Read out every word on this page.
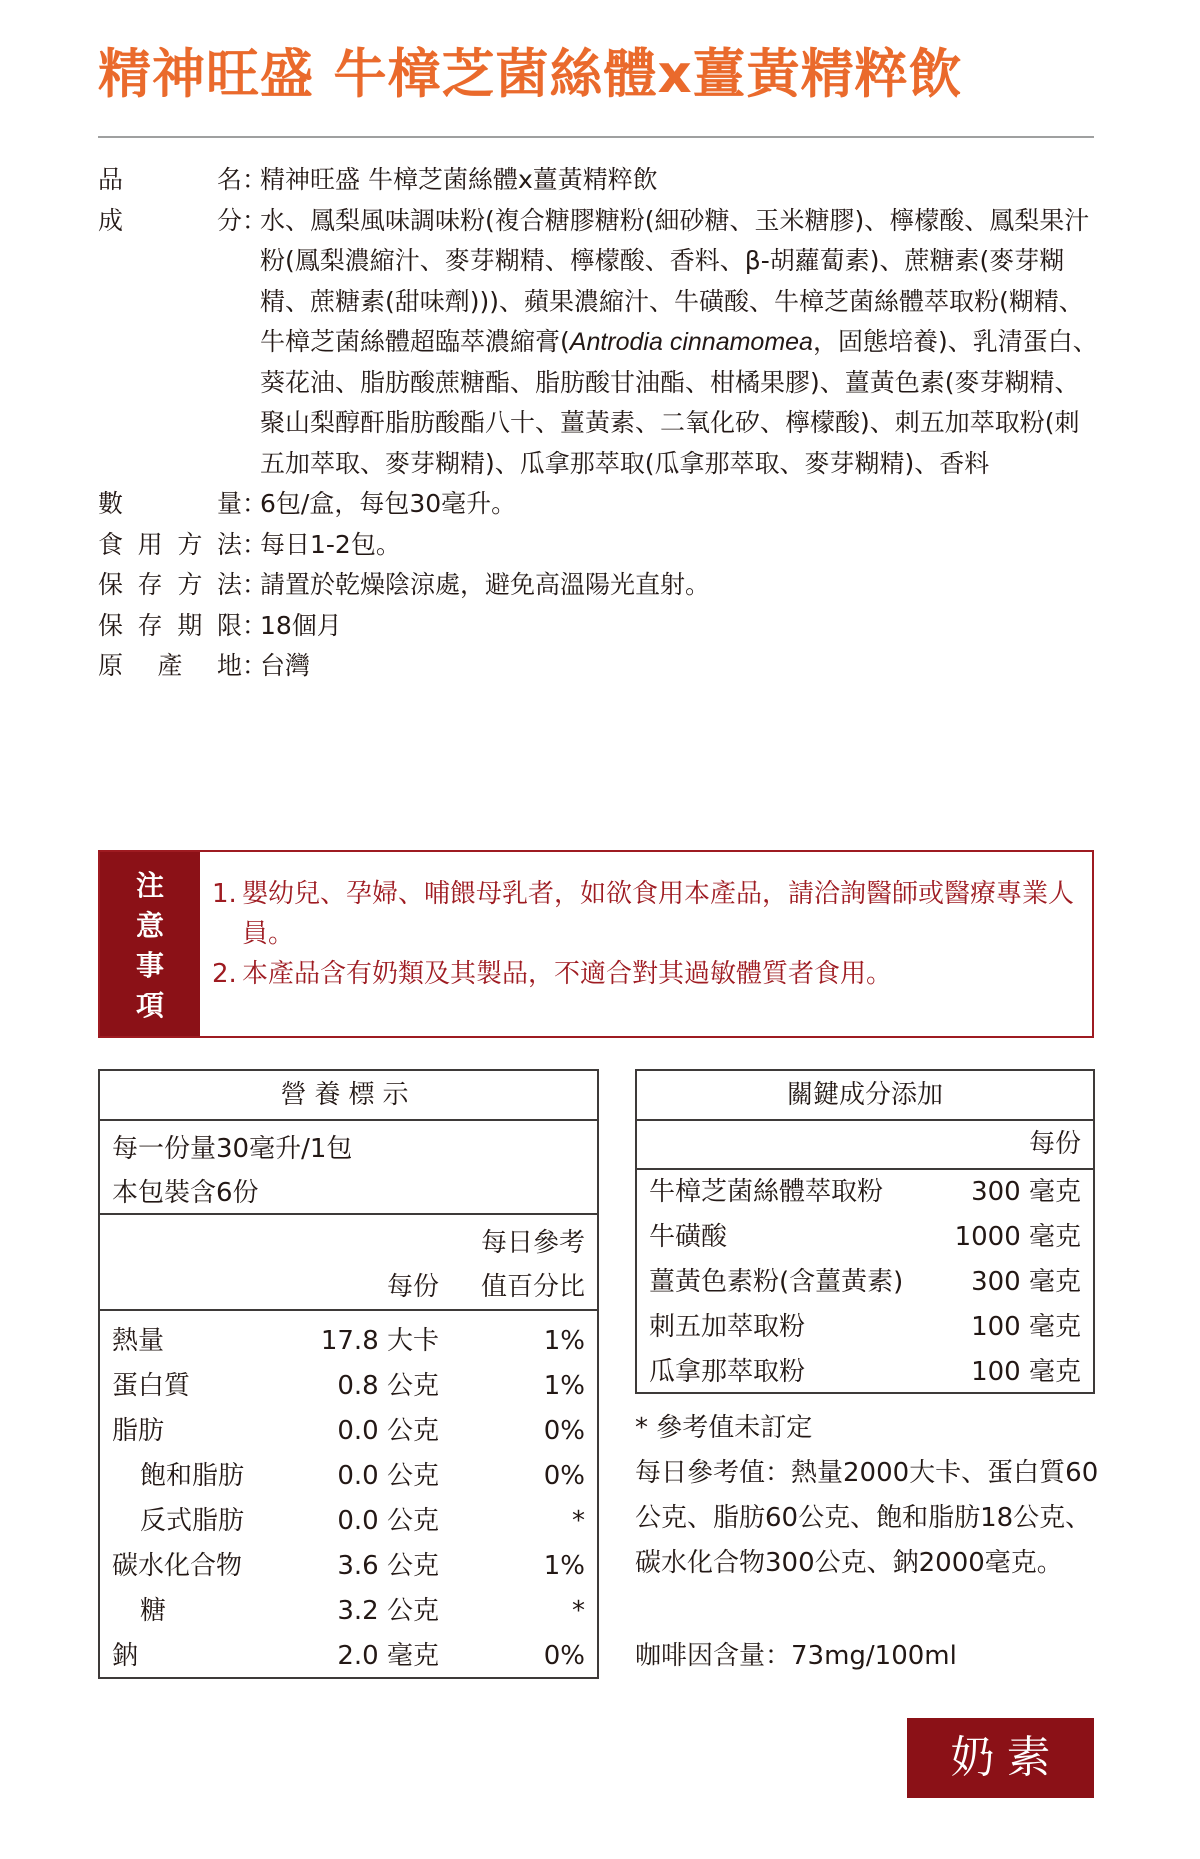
精神旺盛 牛樟芝菌絲體x薑黃精粹飲
品	名 ：
精神旺盛 牛樟芝菌絲體x薑黃精粹飲
成	分 ：
水、鳳梨風味調味粉(複合糖膠糖粉(細砂糖、玉米糖膠)、檸檬酸、鳳梨果汁粉(鳳梨濃縮汁、麥芽糊精、檸檬酸、香料、β-胡蘿蔔素)、蔗糖素(麥芽糊精、蔗糖素(甜味劑)))、蘋果濃縮汁、牛磺酸、牛樟芝菌絲體萃取粉(糊精、牛樟芝菌絲體超臨萃濃縮膏(Antrodia cinnamomea，固態培養)、乳清蛋白、葵花油、脂肪酸蔗糖酯、脂肪酸甘油酯、柑橘果膠)、薑黃色素(麥芽糊精、聚山梨醇酐脂肪酸酯八十、薑黃素、二氧化矽、檸檬酸)、刺五加萃取粉(刺五加萃取、麥芽糊精)、瓜拿那萃取(瓜拿那萃取、麥芽糊精)、香料
數	量 ：
6包/盒，每包30毫升。
食 用 方 法 ：
每日1-2包。
保 存 方 法 ：
請置於乾燥陰涼處，避免高溫陽光直射。
保 存 期 限 ：
18個月
原 產 地 ：
台灣
注
意
事
項
1. 嬰幼兒、孕婦、哺餵母乳者，如欲食用本產品，請洽詢醫師或醫療專業人員。
2. 本產品含有奶類及其製品，不適合對其過敏體質者食用。
營養標示
每一份量30毫升/1包
本包裝含6份
每日參考
每份 值百分比
熱量	17.8 大卡	1%
蛋白質	0.8 公克	1%
脂肪	0.0 公克	0%
飽和脂肪	0.0 公克	0%
反式脂肪	0.0 公克	*
碳水化合物	3.6 公克	1%
糖	3.2 公克	*
鈉	2.0 毫克	0%
關鍵成分添加
每份
牛樟芝菌絲體萃取粉	300 毫克
牛磺酸	1000 毫克
薑黃色素粉(含薑黃素)	300 毫克
刺五加萃取粉	100 毫克
瓜拿那萃取粉	100 毫克
* 參考值未訂定
每日參考值：熱量2000大卡、蛋白質60公克、脂肪60公克、飽和脂肪18公克、碳水化合物300公克、鈉2000毫克。
咖啡因含量：73mg/100ml
奶素
